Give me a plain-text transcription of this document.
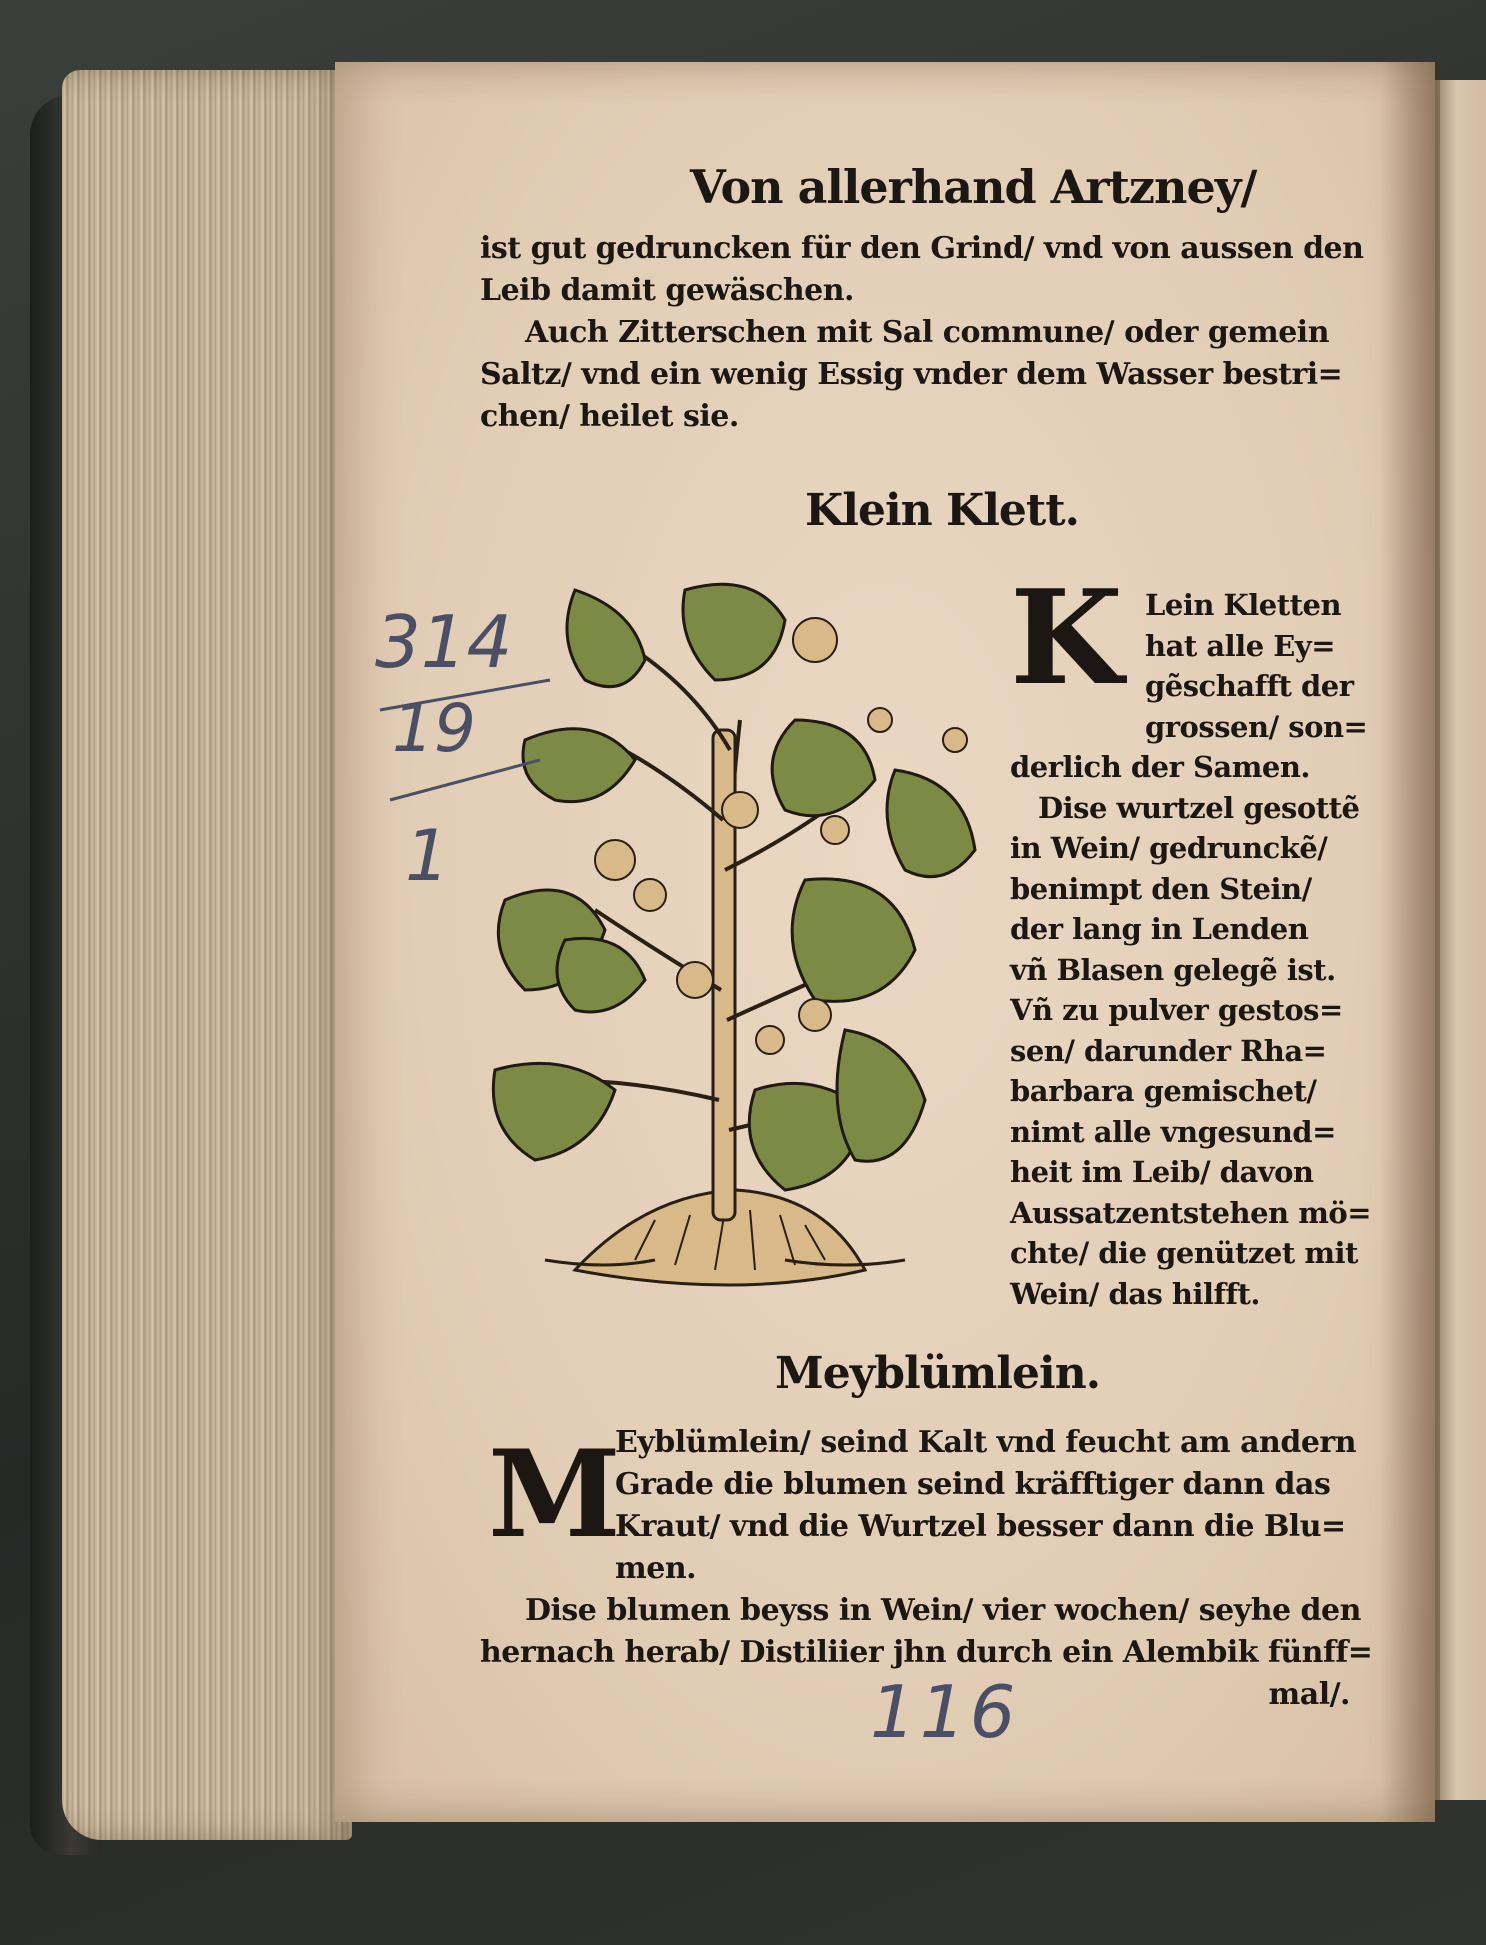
Von allerhand Artzney/
ist gut gedruncken für den Grind/ vnd von aussen den
Leib damit gewäschen.
Auch Zitterschen mit Sal commune/ oder gemein
Saltz/ vnd ein wenig Essig vnder dem Wasser bestri=
chen/ heilet sie.
Klein Klett.
K Lein Kletten
hat alle Ey=
gẽschafft der
grossen/ son=
derlich der Samen.
Dise wurtzel gesottẽ
in Wein/ gedrunckẽ/
benimpt den Stein/
der lang in Lenden
vñ Blasen gelegẽ ist.
Vñ zu pulver gestos=
sen/ darunder Rha=
barbara gemischet/
nimt alle vngesund=
heit im Leib/ davon
Aussatzentstehen mö=
chte/ die genützet mit
Wein/ das hilfft.
Meyblümlein.
M
Eyblümlein/ seind Kalt vnd feucht am andern
Grade die blumen seind kräfftiger dann das
Kraut/ vnd die Wurtzel besser dann die Blu=
men.
Dise blumen beyss in Wein/ vier wochen/ seyhe den
hernach herab/ Distiliier jhn durch ein Alembik fünff=
mal/.
314
19
1
116
